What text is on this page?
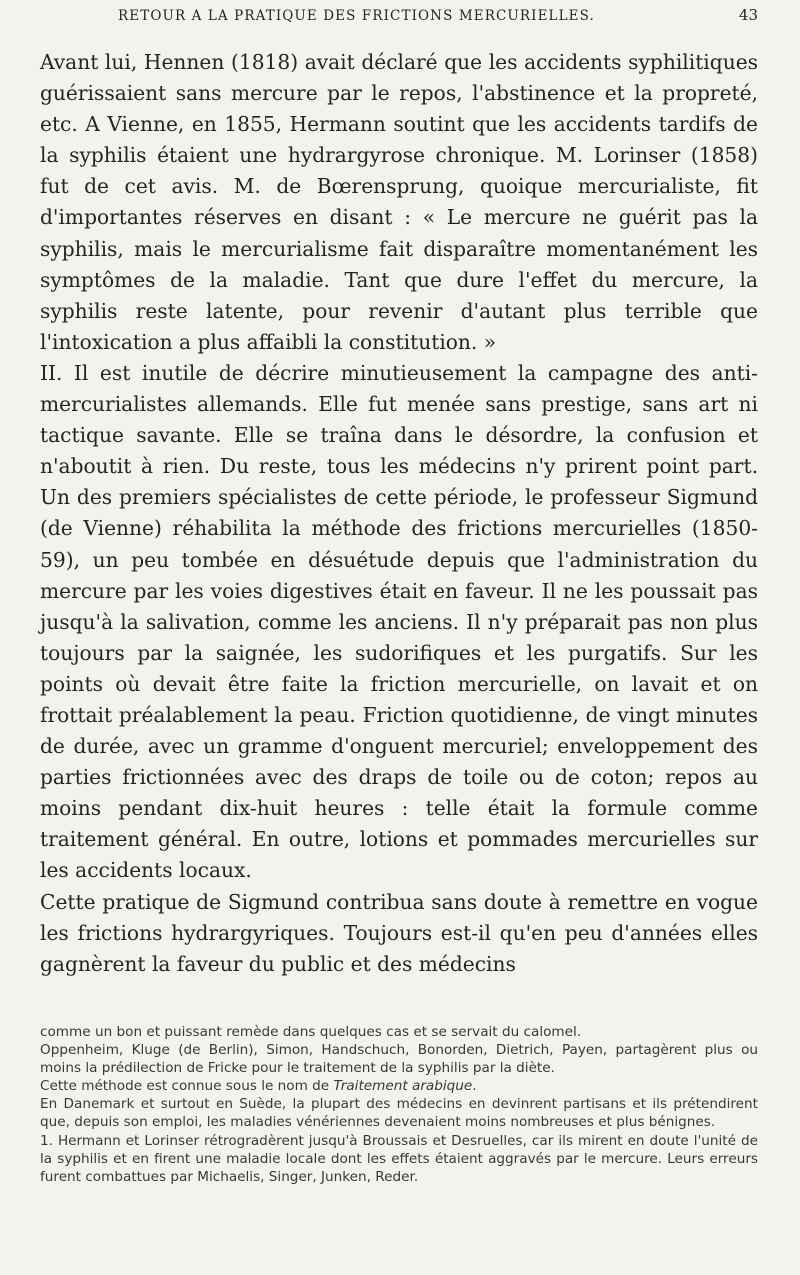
RETOUR A LA PRATIQUE DES FRICTIONS MERCURIELLES.	43

Avant lui, Hennen (1818) avait déclaré que les accidents syphilitiques guérissaient sans mercure par le repos, l'abstinence et la propreté, etc. A Vienne, en 1855, Hermann soutint que les accidents tardifs de la syphilis étaient une hydrargyrose chronique. M. Lorinser (1858) fut de cet avis. M. de Bœrensprung, quoique mercurialiste, fit d'importantes réserves en disant : « Le mercure ne guérit pas la syphilis, mais le mercurialisme fait disparaître momentanément les symptômes de la maladie. Tant que dure l'effet du mercure, la syphilis reste latente, pour revenir d'autant plus terrible que l'intoxication a plus affaibli la constitution. »

II. Il est inutile de décrire minutieusement la campagne des anti-mercurialistes allemands. Elle fut menée sans prestige, sans art ni tactique savante. Elle se traîna dans le désordre, la confusion et n'aboutit à rien. Du reste, tous les médecins n'y prirent point part. Un des premiers spécialistes de cette période, le professeur Sigmund (de Vienne) réhabilita la méthode des frictions mercurielles (1850-59), un peu tombée en désuétude depuis que l'administration du mercure par les voies digestives était en faveur. Il ne les poussait pas jusqu'à la salivation, comme les anciens. Il n'y préparait pas non plus toujours par la saignée, les sudorifiques et les purgatifs. Sur les points où devait être faite la friction mercurielle, on lavait et on frottait préalablement la peau. Friction quotidienne, de vingt minutes de durée, avec un gramme d'onguent mercuriel; enveloppement des parties frictionnées avec des draps de toile ou de coton; repos au moins pendant dix-huit heures : telle était la formule comme traitement général. En outre, lotions et pommades mercurielles sur les accidents locaux.

Cette pratique de Sigmund contribua sans doute à remettre en vogue les frictions hydrargyriques. Toujours est-il qu'en peu d'années elles gagnèrent la faveur du public et des médecins

comme un bon et puissant remède dans quelques cas et se servait du calomel.

Oppenheim, Kluge (de Berlin), Simon, Handschuch, Bonorden, Dietrich, Payen, partagèrent plus ou moins la prédilection de Fricke pour le traitement de la syphilis par la diète.

Cette méthode est connue sous le nom de Traitement arabique.

En Danemark et surtout en Suède, la plupart des médecins en devinrent partisans et ils prétendirent que, depuis son emploi, les maladies vénériennes devenaient moins nombreuses et plus bénignes.

1. Hermann et Lorinser rétrogradèrent jusqu'à Broussais et Desruelles, car ils mirent en doute l'unité de la syphilis et en firent une maladie locale dont les effets étaient aggravés par le mercure. Leurs erreurs furent combattues par Michaelis, Singer, Junken, Reder.
